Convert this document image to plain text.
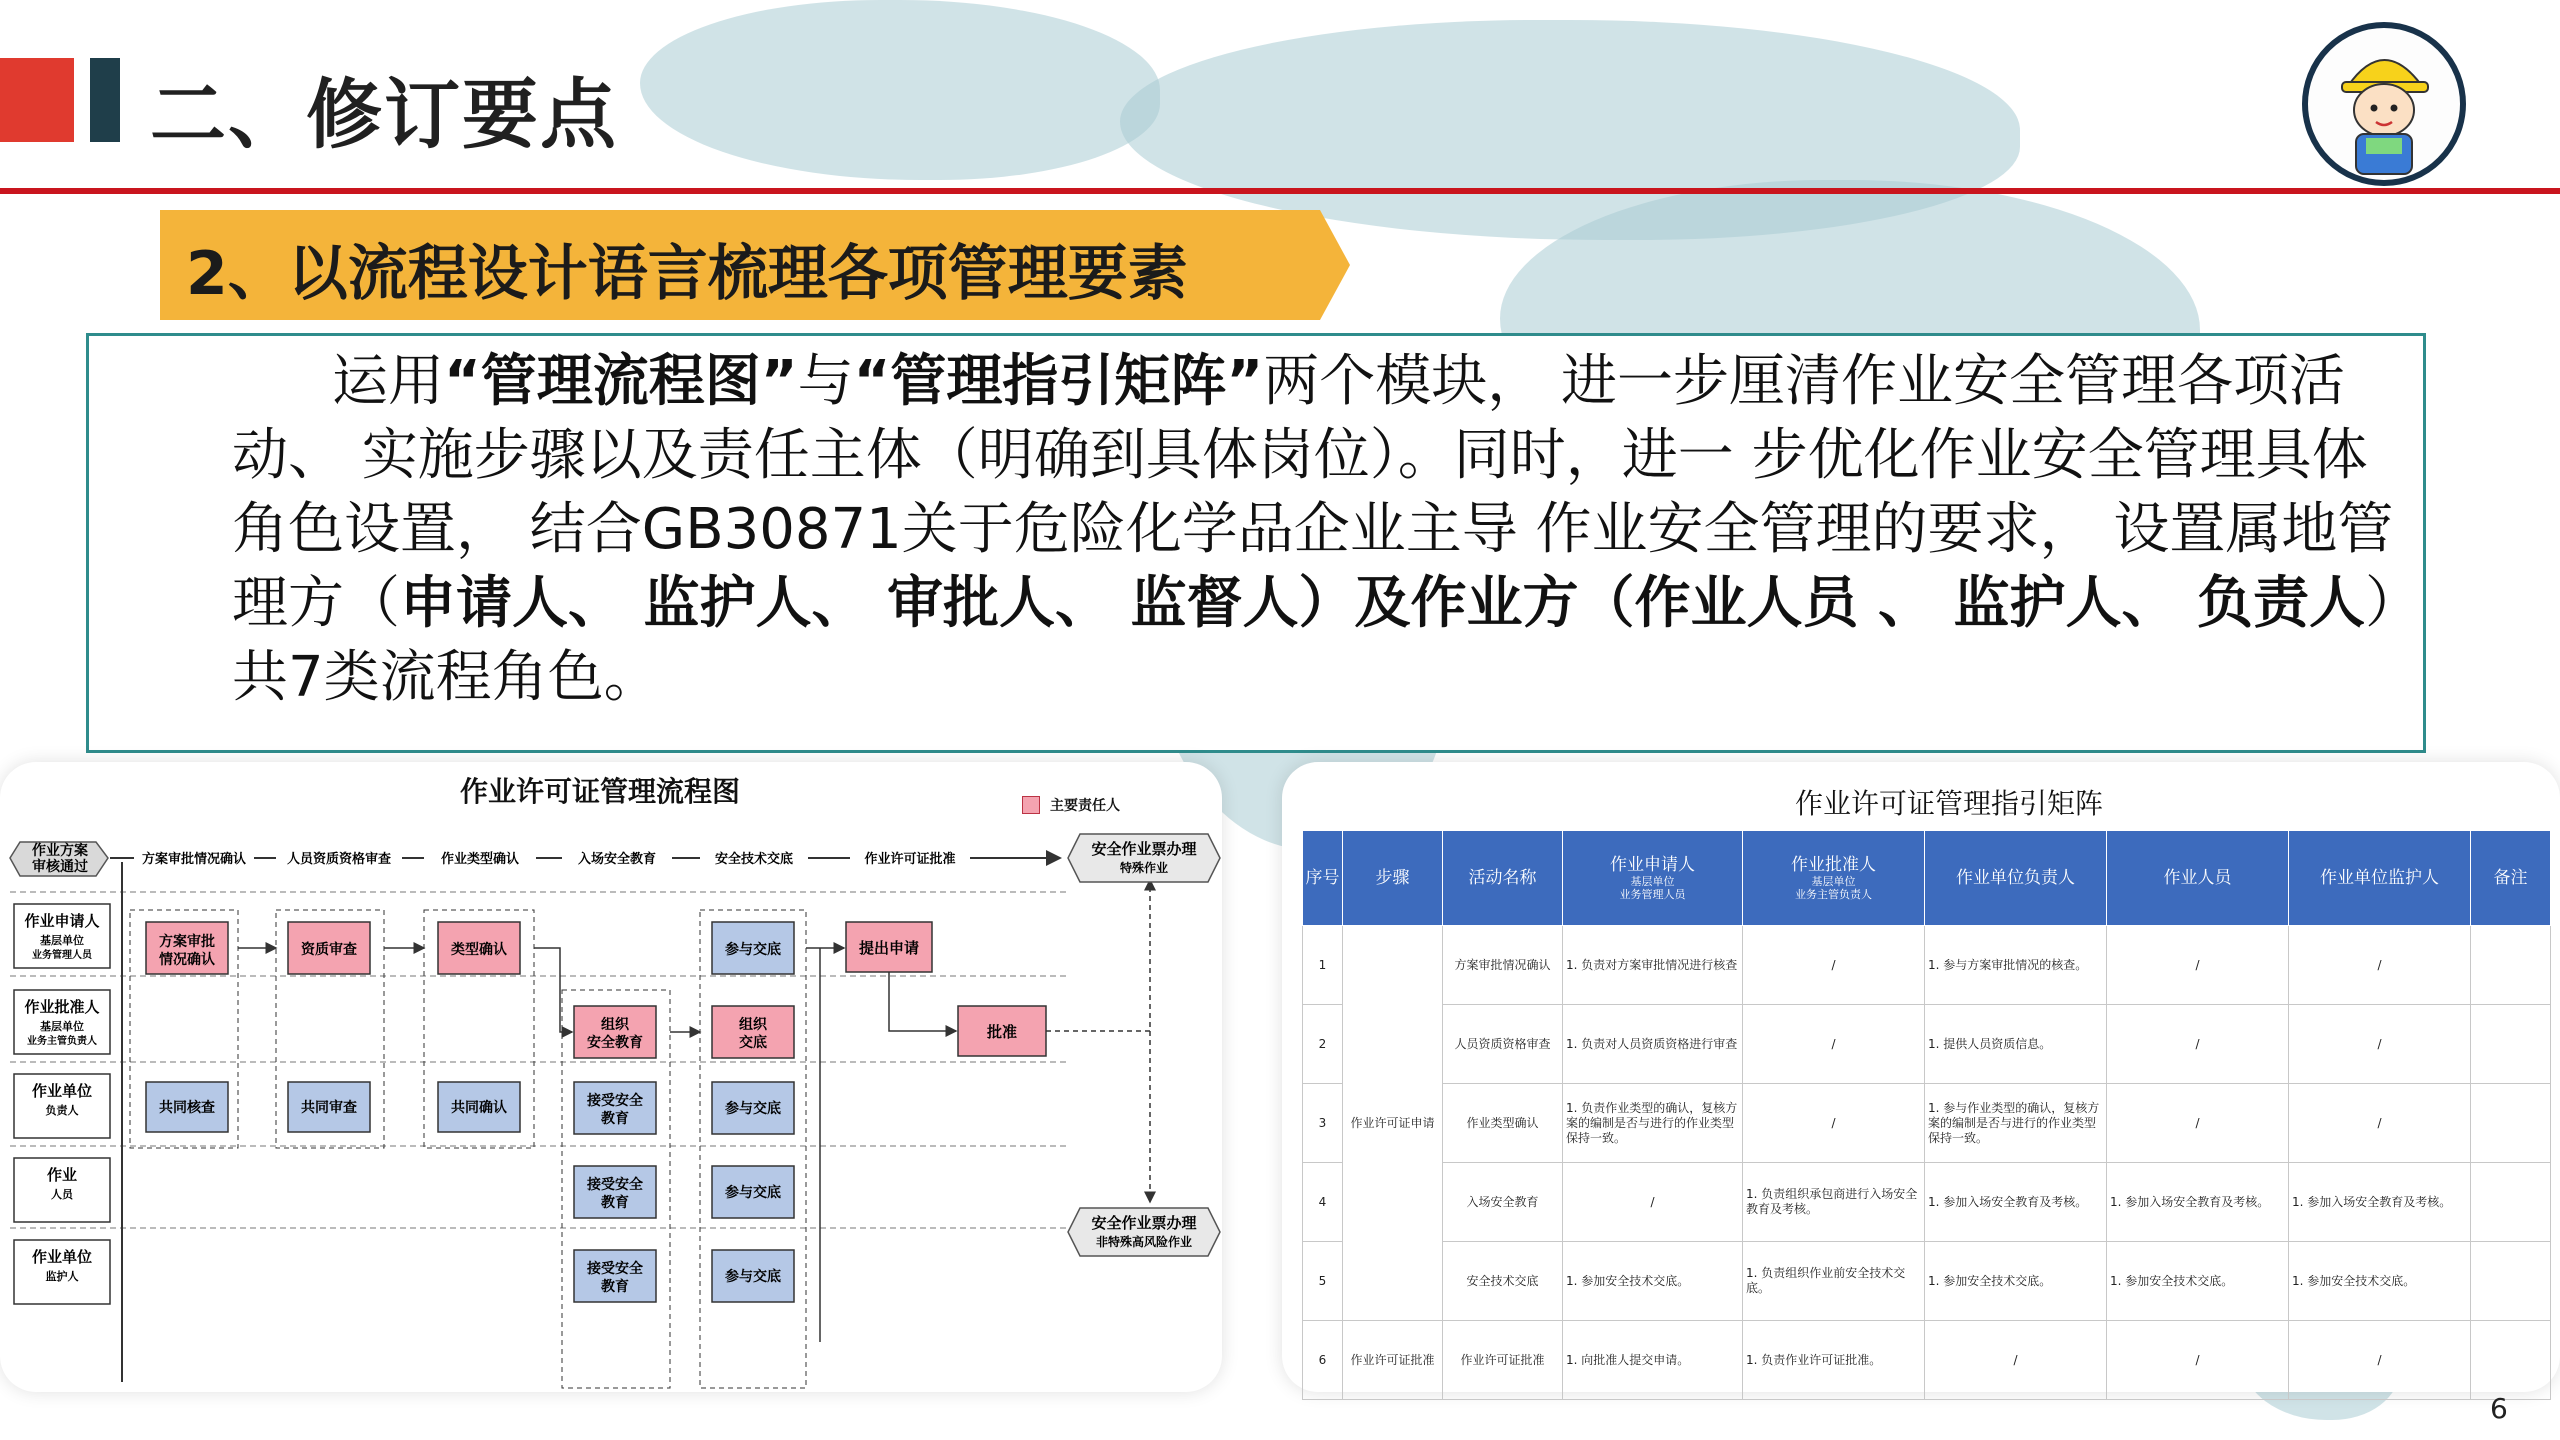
二、修订要点
2、以流程设计语言梳理各项管理要素
运用“管理流程图”与“管理指引矩阵”两个模块， 进一步厘清作业安全管理各项活动、 实施步骤以及责任主体（明确到具体岗位）。同时，进一 步优化作业安全管理具体角色设置， 结合GB30871关于危险化学品企业主导 作业安全管理的要求， 设置属地管理方（申请人、 监护人、 审批人、 监督人）及作业方（作业人员 、 监护人、 负责人）共7类流程角色。
作业许可证管理流程图	主要责任人
方案审批情况确认	人员资质资格审查	作业类型确认	入场安全教育	安全技术交底	作业许可证批准
作业方案
审核通过
作业申请人
基层单位
业务管理人员
作业批准人
基层单位
业务主管负责人
作业单位
负责人
作业
人员
作业单位
监护人
方案审批
情况确认
资质审查	类型确认	参与交底	提出申请
组织
安全教育
组织
交底
批准
共同核查	共同审查	共同确认	接受安全
教育
参与交底
接受安全
教育
参与交底
接受安全
教育
参与交底
安全作业票办理
特殊作业
安全作业票办理
非特殊高风险作业
作业许可证管理指引矩阵
序号	步骤	活动名称	作业申请人
基层单位
业务管理人员	作业批准人
基层单位
业务主管负责人	作业单位负责人	作业人员	作业单位监护人	备注
1	作业许可证申请	方案审批情况确认	1. 负责对方案审批情况进行核查	/	1. 参与方案审批情况的核查。	/	/	
2		人员资质资格审查	1. 负责对人员资质资格进行审查	/	1. 提供人员资质信息。	/	/	
3		作业类型确认	1. 负责作业类型的确认，复核方案的编制是否与进行的作业类型保持一致。	/	1. 参与作业类型的确认，复核方案的编制是否与进行的作业类型保持一致。	/	/	
4		入场安全教育	/	1. 负责组织承包商进行入场安全教育及考核。	1. 参加入场安全教育及考核。	1. 参加入场安全教育及考核。	1. 参加入场安全教育及考核。	
5		安全技术交底	1. 参加安全技术交底。	1. 负责组织作业前安全技术交底。	1. 参加安全技术交底。	1. 参加安全技术交底。	1. 参加安全技术交底。	
6	作业许可证批准	作业许可证批准	1. 向批准人提交申请。	1. 负责作业许可证批准。	/	/	/	
6
